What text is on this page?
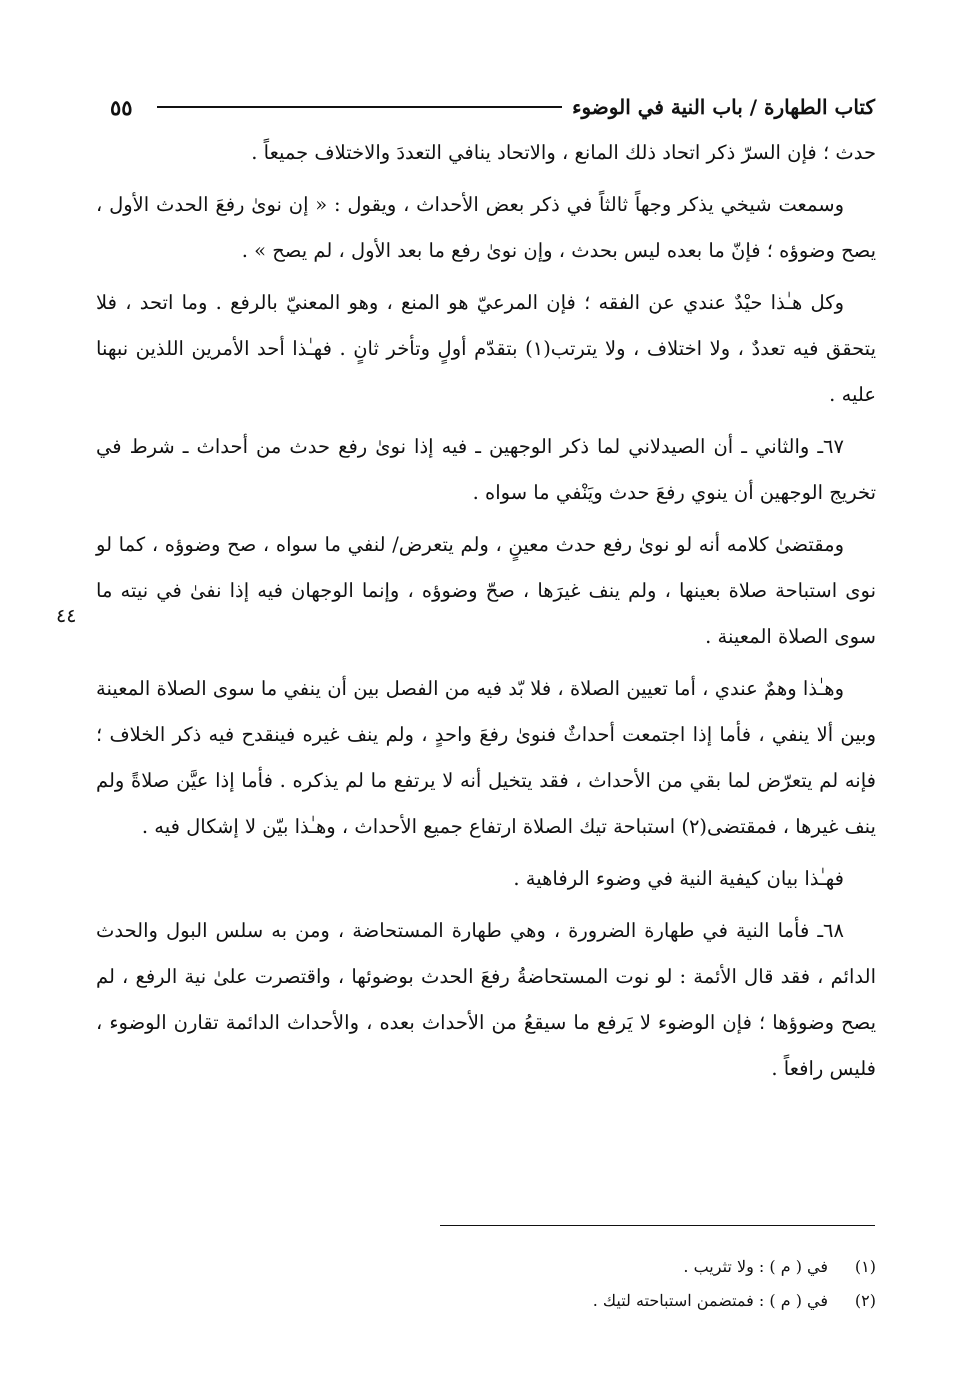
٥٥	كتاب الطهارة / باب النية في الوضوء
٤٤

حدث ؛ فإن السرّ ذكر اتحاد ذلك المانع ، والاتحاد ينافي التعددَ والاختلاف جميعاً .

وسمعت شيخي يذكر وجهاً ثالثاً في ذكر بعض الأحداث ، ويقول : « إن نوىٰ رفعَ الحدث الأول ، يصح وضوؤه ؛ فإنّ ما بعده ليس بحدث ، وإن نوىٰ رفع ما بعد الأول ، لم يصح » .

وكل هـٰذا حيْدٌ عندي عن الفقه ؛ فإن المرعيّ هو المنع ، وهو المعنيّ بالرفع . وما اتحد ، فلا يتحقق فيه تعددٌ ، ولا اختلاف ، ولا يترتب(١) بتقدّم أولٍ وتأخر ثانٍ . فهـٰذا أحد الأمرين اللذين نبهنا عليه .

٦٧ـ والثاني ـ أن الصيدلاني لما ذكر الوجهين ـ فيه إذا نوىٰ رفع حدث من أحداث ـ شرط في تخريج الوجهين أن ينوي رفعَ حدث ويَنْفي ما سواه .

ومقتضىٰ كلامه أنه لو نوىٰ رفع حدث معينٍ ، ولم يتعرض/ لنفي ما سواه ، صح وضوؤه ، كما لو نوى استباحة صلاة بعينها ، ولم ينف غيرَها ، صحّ وضوؤه ، وإنما الوجهان فيه إذا نفىٰ في نيته ما سوى الصلاة المعينة .

وهـٰذا وهمٌ عندي ، أما تعيين الصلاة ، فلا بّد فيه من الفصل بين أن ينفي ما سوى الصلاة المعينة وبين ألا ينفي ، فأما إذا اجتمعت أحداثٌ فنوىٰ رفعَ واحدٍ ، ولم ينف غيره فينقدح فيه ذكر الخلاف ؛ فإنه لم يتعرّض لما بقي من الأحداث ، فقد يتخيل أنه لا يرتفع ما لم يذكره . فأما إذا عيَّن صلاةً ولم ينف غيرها ، فمقتضى(٢) استباحة تيك الصلاة ارتفاع جميع الأحداث ، وهـٰذا بيّن لا إشكال فيه .

فهـٰذا بيان كيفية النية في وضوء الرفاهية .

٦٨ـ فأما النية في طهارة الضرورة ، وهي طهارة المستحاضة ، ومن به سلس البول والحدث الدائم ، فقد قال الأئمة : لو نوت المستحاضةُ رفعَ الحدث بوضوئها ، واقتصرت علىٰ نية الرفع ، لم يصح وضوؤها ؛ فإن الوضوء لا يَرفع ما سيقعُ من الأحداث بعده ، والأحداث الدائمة تقارن الوضوء ، فليس رافعاً .

(١)
في ( م ) : ولا تثريب .
(٢)
في ( م ) : فمتضمن استباحته لتيك .
